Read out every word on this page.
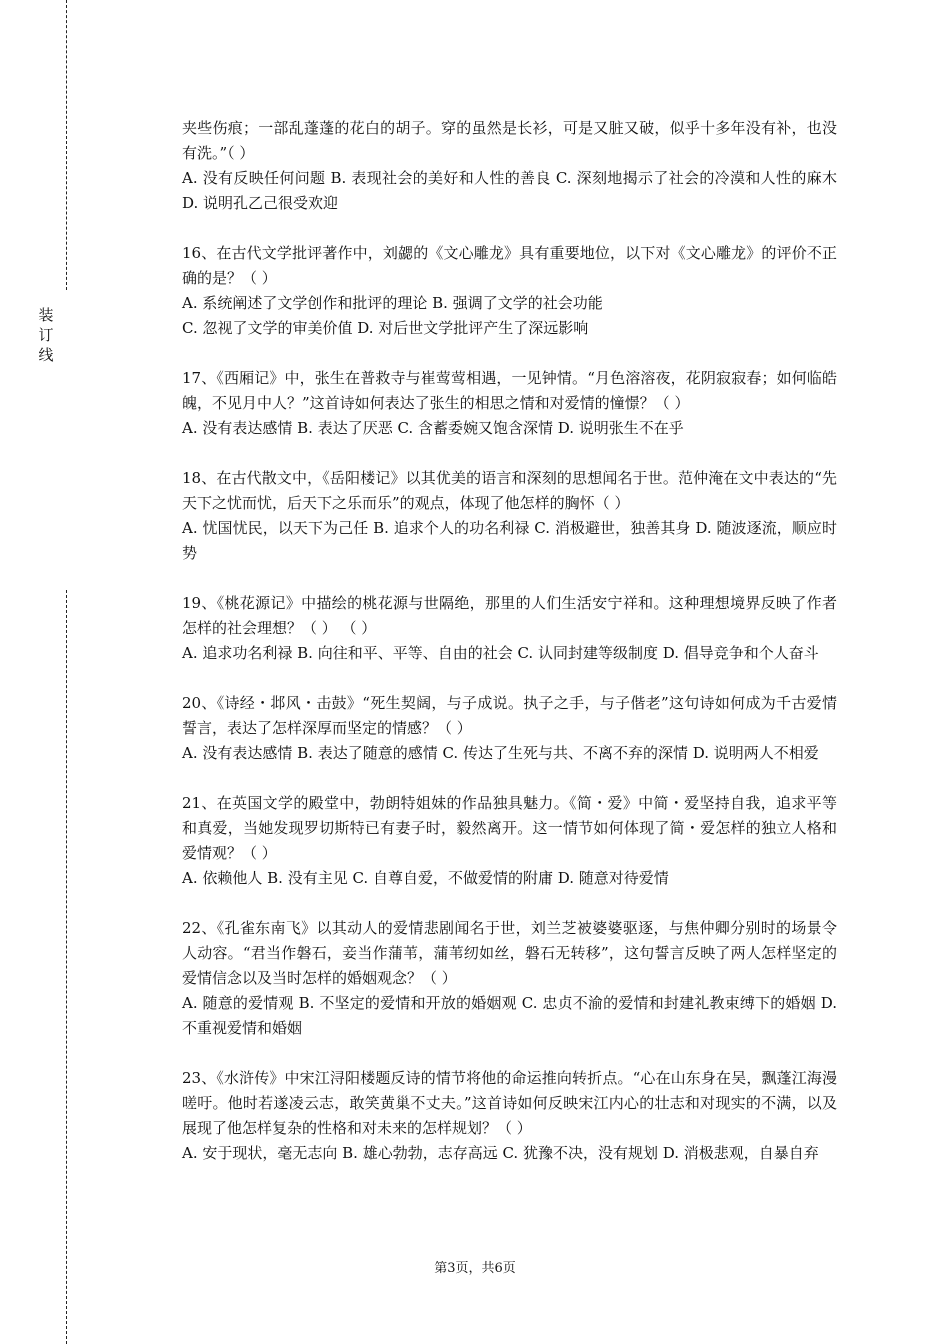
装
订
线

夹些伤痕；一部乱蓬蓬的花白的胡子。穿的虽然是长衫，可是又脏又破，似乎十多年没有补，也没有洗。”（ ）

A. 没有反映任何问题 B. 表现社会的美好和人性的善良 C. 深刻地揭示了社会的冷漠和人性的麻木 D. 说明孔乙己很受欢迎

16、在古代文学批评著作中，刘勰的《文心雕龙》具有重要地位，以下对《文心雕龙》的评价不正确的是？（ ）

A. 系统阐述了文学创作和批评的理论 B. 强调了文学的社会功能

C. 忽视了文学的审美价值 D. 对后世文学批评产生了深远影响

17、《西厢记》中，张生在普救寺与崔莺莺相遇，一见钟情。“月色溶溶夜，花阴寂寂春；如何临皓魄，不见月中人？”这首诗如何表达了张生的相思之情和对爱情的憧憬？（ ）

A. 没有表达感情 B. 表达了厌恶 C. 含蓄委婉又饱含深情 D. 说明张生不在乎

18、在古代散文中，《岳阳楼记》以其优美的语言和深刻的思想闻名于世。范仲淹在文中表达的“先天下之忧而忧，后天下之乐而乐”的观点，体现了他怎样的胸怀（ ）

A. 忧国忧民，以天下为己任 B. 追求个人的功名利禄 C. 消极避世，独善其身 D. 随波逐流，顺应时势

19、《桃花源记》中描绘的桃花源与世隔绝，那里的人们生活安宁祥和。这种理想境界反映了作者怎样的社会理想？（ ） （ ）

A. 追求功名利禄 B. 向往和平、平等、自由的社会 C. 认同封建等级制度 D. 倡导竞争和个人奋斗

20、《诗经・邶风・击鼓》“死生契阔，与子成说。执子之手，与子偕老”这句诗如何成为千古爱情誓言，表达了怎样深厚而坚定的情感？（ ）

A. 没有表达感情 B. 表达了随意的感情 C. 传达了生死与共、不离不弃的深情 D. 说明两人不相爱

21、在英国文学的殿堂中，勃朗特姐妹的作品独具魅力。《简・爱》中简・爱坚持自我，追求平等和真爱，当她发现罗切斯特已有妻子时，毅然离开。这一情节如何体现了简・爱怎样的独立人格和爱情观？（ ）

A. 依赖他人 B. 没有主见 C. 自尊自爱，不做爱情的附庸 D. 随意对待爱情

22、《孔雀东南飞》以其动人的爱情悲剧闻名于世，刘兰芝被婆婆驱逐，与焦仲卿分别时的场景令人动容。“君当作磐石，妾当作蒲苇，蒲苇纫如丝，磐石无转移”，这句誓言反映了两人怎样坚定的爱情信念以及当时怎样的婚姻观念？（ ）

A. 随意的爱情观 B. 不坚定的爱情和开放的婚姻观 C. 忠贞不渝的爱情和封建礼教束缚下的婚姻 D. 不重视爱情和婚姻

23、《水浒传》中宋江浔阳楼题反诗的情节将他的命运推向转折点。“心在山东身在吴，飘蓬江海漫嗟吁。他时若遂凌云志，敢笑黄巢不丈夫。”这首诗如何反映宋江内心的壮志和对现实的不满，以及展现了他怎样复杂的性格和对未来的怎样规划？（ ）

A. 安于现状，毫无志向 B. 雄心勃勃，志存高远 C. 犹豫不决，没有规划 D. 消极悲观，自暴自弃

第3页，共6页
